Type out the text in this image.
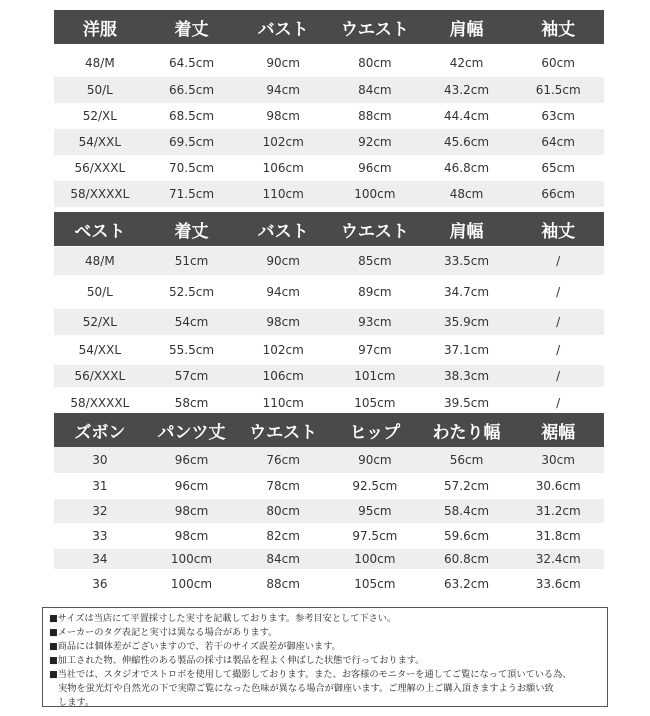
洋服	着丈	バスト	ウエスト	肩幅	袖丈
48/M	64.5cm	90cm	80cm	42cm	60cm
50/L	66.5cm	94cm	84cm	43.2cm	61.5cm
52/XL	68.5cm	98cm	88cm	44.4cm	63cm
54/XXL	69.5cm	102cm	92cm	45.6cm	64cm
56/XXXL	70.5cm	106cm	96cm	46.8cm	65cm
58/XXXXL	71.5cm	110cm	100cm	48cm	66cm
ベスト	着丈	バスト	ウエスト	肩幅	袖丈
48/M	51cm	90cm	85cm	33.5cm	/
50/L	52.5cm	94cm	89cm	34.7cm	/
52/XL	54cm	98cm	93cm	35.9cm	/
54/XXL	55.5cm	102cm	97cm	37.1cm	/
56/XXXL	57cm	106cm	101cm	38.3cm	/
58/XXXXL	58cm	110cm	105cm	39.5cm	/
ズボン	パンツ丈	ウエスト	ヒップ	わたり幅	裾幅
30	96cm	76cm	90cm	56cm	30cm
31	96cm	78cm	92.5cm	57.2cm	30.6cm
32	98cm	80cm	95cm	58.4cm	31.2cm
33	98cm	82cm	97.5cm	59.6cm	31.8cm
34	100cm	84cm	100cm	60.8cm	32.4cm
36	100cm	88cm	105cm	63.2cm	33.6cm

■サイズは当店にて平置採寸した実寸を記載しております。参考目安として下さい。

■メーカーのタグ表記と実寸は異なる場合があります。

■商品には個体差がございますので、若干のサイズ誤差が御座います。

■加工された物、伸縮性のある製品の採寸は製品を程よく伸ばした状態で行っております。

■当社では、スタジオでストロボを使用して撮影しております。また、お客様のモニターを通してご覧になって頂いている為、

　実物を蛍光灯や自然光の下で実際ご覧になった色味が異なる場合が御座います。ご理解の上ご購入頂きますようお願い致

　します。
